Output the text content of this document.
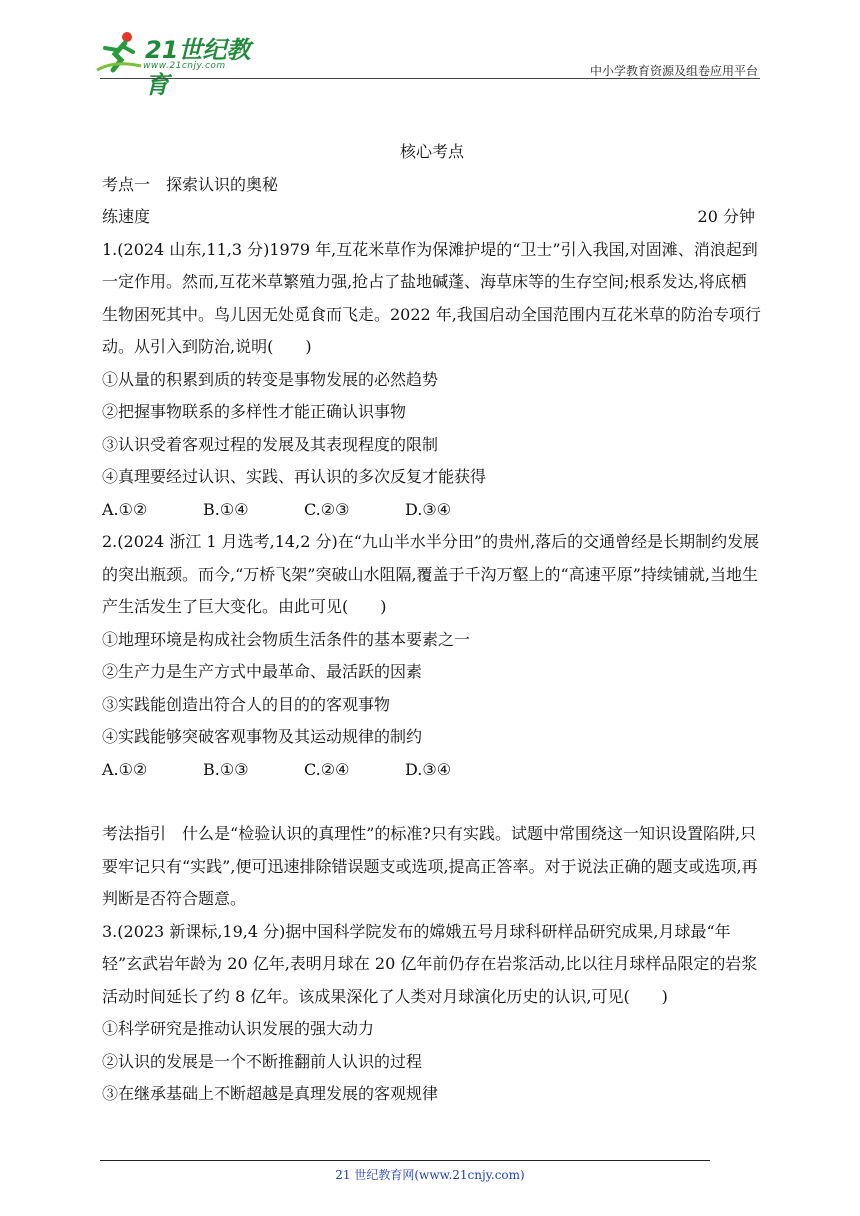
21世纪教育
www.21cnjy.com	中小学教育资源及组卷应用平台

核心考点

考点一 探索认识的奥秘

练速度	20 分钟

1.(2024 山东,11,3 分)1979 年,互花米草作为保滩护堤的“卫士”引入我国,对固滩、消浪起到一定作用。然而,互花米草繁殖力强,抢占了盐地碱蓬、海草床等的生存空间;根系发达,将底栖生物困死其中。鸟儿因无处觅食而飞走。2022 年,我国启动全国范围内互花米草的防治专项行动。从引入到防治,说明(　　)

①从量的积累到质的转变是事物发展的必然趋势

②把握事物联系的多样性才能正确认识事物

③认识受着客观过程的发展及其表现程度的限制

④真理要经过认识、实践、再认识的多次反复才能获得

A.①②	B.①④	C.②③	D.③④

2.(2024 浙江 1 月选考,14,2 分)在“九山半水半分田”的贵州,落后的交通曾经是长期制约发展的突出瓶颈。而今,“万桥飞架”突破山水阻隔,覆盖于千沟万壑上的“高速平原”持续铺就,当地生产生活发生了巨大变化。由此可见(　　)

①地理环境是构成社会物质生活条件的基本要素之一

②生产力是生产方式中最革命、最活跃的因素

③实践能创造出符合人的目的的客观事物

④实践能够突破客观事物及其运动规律的制约

A.①②	B.①③	C.②④	D.③④

考法指引 什么是“检验认识的真理性”的标准?只有实践。试题中常围绕这一知识设置陷阱,只要牢记只有“实践”,便可迅速排除错误题支或选项,提高正答率。对于说法正确的题支或选项,再判断是否符合题意。

3.(2023 新课标,19,4 分)据中国科学院发布的嫦娥五号月球科研样品研究成果,月球最“年轻”玄武岩年龄为 20 亿年,表明月球在 20 亿年前仍存在岩浆活动,比以往月球样品限定的岩浆活动时间延长了约 8 亿年。该成果深化了人类对月球演化历史的认识,可见(　　)

①科学研究是推动认识发展的强大动力

②认识的发展是一个不断推翻前人认识的过程

③在继承基础上不断超越是真理发展的客观规律

21 世纪教育网(www.21cnjy.com)
